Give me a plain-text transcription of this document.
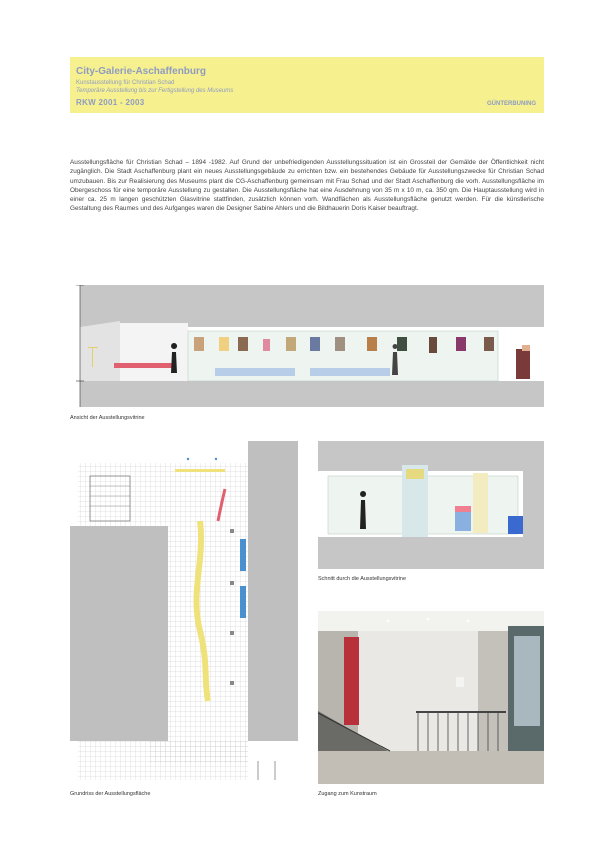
City-Galerie-Aschaffenburg
Kunstausstellung für Christian Schad
Temporäre Ausstellung bis zur Fertigstellung des Museums
RKW 2001 - 2003	GÜNTERBUNING
Ausstellungsfläche für Christian Schad – 1894 -1982. Auf Grund der unbefriedigenden Ausstellungssituation ist ein Grossteil der Gemälde der Öffentlichkeit nicht zugänglich. Die Stadt Aschaffenburg plant ein neues Ausstellungsgebäude zu errichten bzw. ein bestehendes Gebäude für Ausstellungszwecke für Christian Schad umzubauen. Bis zur Realisierung des Museums plant die CG-Aschaffenburg gemeinsam mit Frau Schad und der Stadt Aschaffenburg die vorh. Ausstellungsfläche im Obergeschoss für eine temporäre Ausstellung zu gestalten. Die Ausstellungsfläche hat eine Ausdehnung von 35 m x 10 m, ca. 350 qm. Die Hauptausstellung wird in einer ca. 25 m langen geschützten Glasvitrine stattfinden, zusätzlich können vorh. Wandflächen als Ausstellungsfläche genutzt werden. Für die künstlerische Gestaltung des Raumes und des Aufganges waren die Designer Sabine Ahlers und die Bildhauerin Doris Kaiser beauftragt.
Ansicht der Ausstellungsvitrine
Grundriss der Ausstellungsfläche
Schnitt durch die Ausstellungsvitrine
Zugang zum Kunstraum
